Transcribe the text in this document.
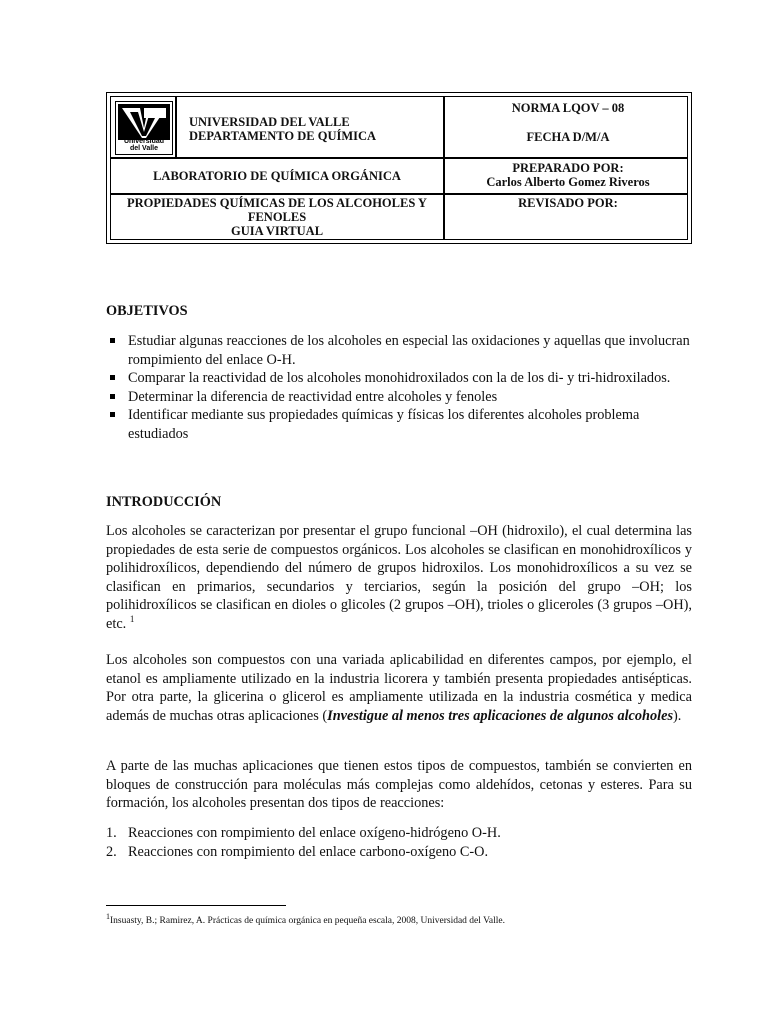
Universidad
del Valle
UNIVERSIDAD DEL VALLE
DEPARTAMENTO DE QUÍMICA
NORMA LQOV – 08
FECHA D/M/A
LABORATORIO DE QUÍMICA ORGÁNICA
PREPARADO POR:
Carlos Alberto Gomez Riveros
PROPIEDADES QUÍMICAS DE LOS ALCOHOLES Y
FENOLES
GUIA VIRTUAL
REVISADO POR:
OBJETIVOS
Estudiar algunas reacciones de los alcoholes en especial las oxidaciones y aquellas que involucran rompimiento del enlace O-H.
Comparar la reactividad de los alcoholes monohidroxilados con la de los di- y tri-hidroxilados.
Determinar la diferencia de reactividad entre alcoholes y fenoles
Identificar mediante sus propiedades químicas y físicas los diferentes alcoholes problema estudiados
INTRODUCCIÓN

Los alcoholes se caracterizan por presentar el grupo funcional –OH (hidroxilo), el cual determina las propiedades de esta serie de compuestos orgánicos. Los alcoholes se clasifican en monohidroxílicos y polihidroxílicos, dependiendo del número de grupos hidroxilos. Los monohidroxílicos a su vez se clasifican en primarios, secundarios y terciarios, según la posición del grupo –OH; los polihidroxílicos se clasifican en dioles o glicoles (2 grupos –OH), trioles o gliceroles (3 grupos –OH), etc. $^1$

Los alcoholes son compuestos con una variada aplicabilidad en diferentes campos, por ejemplo, el etanol es ampliamente utilizado en la industria licorera y también presenta propiedades antisépticas. Por otra parte, la glicerina o glicerol es ampliamente utilizada en la industria cosmética y medica además de muchas otras aplicaciones (Investigue al menos tres aplicaciones de algunos alcoholes).

A parte de las muchas aplicaciones que tienen estos tipos de compuestos, también se convierten en bloques de construcción para moléculas más complejas como aldehídos, cetonas y esteres. Para su formación, los alcoholes presentan dos tipos de reacciones:

1. Reacciones con rompimiento del enlace oxígeno-hidrógeno O-H.
2. Reacciones con rompimiento del enlace carbono-oxígeno C-O.
$^1$Insuasty, B.; Ramirez, A. Prácticas de química orgánica en pequeña escala, 2008, Universidad del Valle.
